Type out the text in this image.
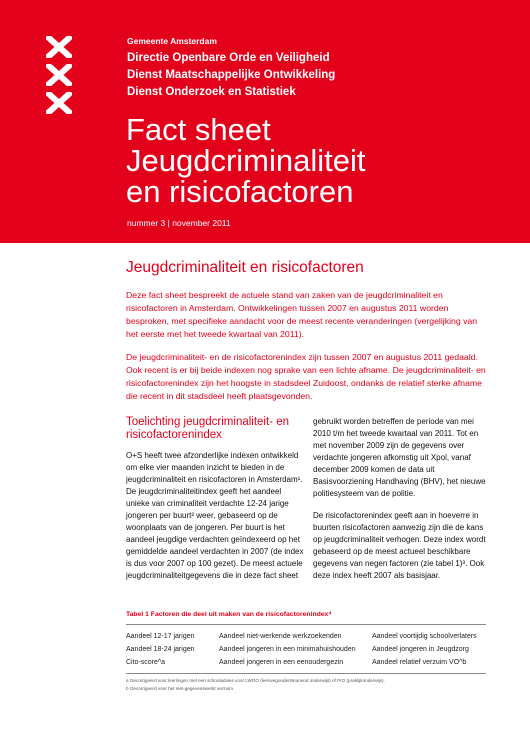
Gemeente Amsterdam
Directie Openbare Orde en Veiligheid
Dienst Maatschappelijke Ontwikkeling
Dienst Onderzoek en Statistiek
Fact sheet
Jeugdcriminaliteit
en risicofactoren
nummer 3 | november 2011
Jeugdcriminaliteit en risicofactoren

Deze fact sheet bespreekt de actuele stand van zaken van de jeugdcriminaliteit en risicofactoren in Amsterdam. Ontwikkelingen tussen 2007 en augustus 2011 worden besproken, met specifieke aandacht voor de meest recente veranderingen (vergelijking van het eerste met het tweede kwartaal van 2011).

De jeugdcriminaliteit- en de risicofactorenindex zijn tussen 2007 en augustus 2011 gedaald. Ook recent is er bij beide indexen nog sprake van een lichte afname. De jeugdcriminaliteit- en risicofactorenindex zijn het hoogste in stadsdeel Zuidoost, ondanks de relatief sterke afname die recent in dit stadsdeel heeft plaatsgevonden.

Toelichting jeugdcriminaliteit- en risicofactorenindex

O+S heeft twee afzonderlijke indexen ontwikkeld om elke vier maanden inzicht te bieden in de jeugdcriminaliteit en risicofactoren in Amsterdam¹. De jeugdcriminaliteitindex geeft het aandeel unieke van criminaliteit verdachte 12-24 jarige jongeren per buurt² weer, gebaseerd op de woonplaats van de jongeren. Per buurt is het aandeel jeugdige verdachten geïndexeerd op het gemiddelde aandeel verdachten in 2007 (de index is dus voor 2007 op 100 gezet). De meest actuele jeugdcriminaliteitgegevens die in deze fact sheet

gebruikt worden betreffen de periode van mei 2010 t/m het tweede kwartaal van 2011. Tot en met november 2009 zijn de gegevens over verdachte jongeren afkomstig uit Xpol, vanaf december 2009 komen de data uit Basisvoorziening Handhaving (BHV), het nieuwe politiesysteem van de politie.

De risicofactorenindex geeft aan in hoeverre in buurten risicofactoren aanwezig zijn die de kans op jeugdcriminaliteit verhogen. Deze index wordt gebaseerd op de meest actueel beschikbare gegevens van negen factoren (zie tabel 1)³. Ook deze index heeft 2007 als basisjaar.

Tabel 1 Factoren die deel uit maken van de risicofactorenindex⁴
Aandeel 12-17 jarigen	Aandeel niet-werkende werkzoekenden	Aandeel voortijdig schoolverlaters
Aandeel 18-24 jarigen	Aandeel jongeren in een minimahuishouden Aandeel jongeren in Jeugdzorg
Cito-score^a	Aandeel jongeren in een eenoudergezin	Aandeel relatief verzuim VO^b
a Gecorrigeerd voor leerlingen met een schooladvies voor LWOO (leerwegondersteunend onderwijs) of PrO (praktijkonderwijs).
b Gecorrigeerd voor het niet-gegevenswerkt verzuim.
